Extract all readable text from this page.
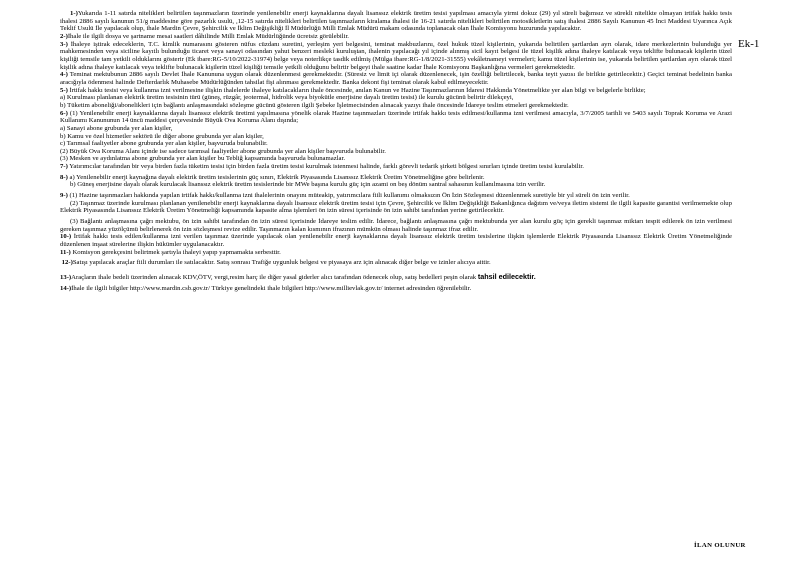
Ek-1

1-)Yukarıda 1-11 satırda nitelikleri belirtilen taşınmazların üzerinde yenilenebilir enerji kaynaklarına dayalı lisanssız elektrik üretim tesisi yapılması amacıyla yirmi dokuz (29) yıl süreli bağımsız ve sürekli nitelikte olmayan irtifak hakkı tesis ihalesi 2886 sayılı kanunun 51/g maddesine göre pazarlık usulü, ,12-15 satırda nitelikleri belirtilen taşınmazların kiralama ihalesi ile 16-21 satırda nitelikleri belirtilen motosikletlerin satış ihalesi 2886 Sayılı Kanunun 45 İnci Maddesi Uyarınca Açık Teklif Usulü İle yapılacak olup, ihale Mardin Çevre, Şehircilik ve İklim Değişikliği İl Müdürlüğü Milli Emlak Müdürü makam odasında toplanacak olan İhale Komisyonu huzurunda yapılacaktır.

2-)İhale ile ilgili dosya ve şartname mesai saatleri dâhilinde Milli Emlak Müdürlüğünde ücretsiz görülebilir.

3-) İhaleye iştirak edeceklerin, T.C. kimlik numarasını gösteren nüfus cüzdanı suretini, yerleşim yeri belgesini, teminat makbuzlarını, özel hukuk tüzel kişilerinin, yukarıda belirtilen şartlardan ayrı olarak, idare merkezlerinin bulunduğu yer mahkemesinden veya siciline kayıtlı bulunduğu ticaret veya sanayi odasından yahut benzeri mesleki kuruluştan, ihalenin yapılacağı yıl içinde alınmış sicil kayıt belgesi ile tüzel kişilik adına ihaleye katılacak veya teklifte bulunacak kişilerin tüzel kişiliği temsile tam yetkili olduklarını gösterir (Ek ibare:RG-5/10/2022-31974) belge veya noterlikçe tasdik edilmiş (Mülga ibare:RG-1/8/2021-31555) vekâletnameyi vermeleri; kamu tüzel kişilerinin ise, yukarıda belirtilen şartlardan ayrı olarak tüzel kişilik adına ihaleye katılacak veya teklifte bulunacak kişilerin tüzel kişiliği temsile yetkili olduğunu belirtir belgeyi ihale saatine kadar İhale Komisyonu Başkanlığına vermeleri gerekmektedir.

4-) Teminat mektubunun 2886 sayılı Devlet İhale Kanununa uygun olarak düzenlenmesi gerekmektedir. (Süresiz ve limit içi olarak düzenlenecek, işin özelliği belirtilecek, banka teyit yazısı ile birlikte getirilecektir.) Geçici teminat bedelinin banka aracığıyla ödenmesi halinde Defterdarlık Muhasebe Müdürlüğünden tahsilat fişi alınması gerekmektedir. Banka dekont fişi teminat olarak kabul edilmeyecektir.

5-) İrtifak hakkı tesisi veya kullanma izni verilmesine ilişkin ihalelerde ihaleye katılacakların ihale öncesinde, anılan Kanun ve Hazine Taşınmazlarının İdaresi Hakkında Yönetmelikte yer alan bilgi ve belgelerle birlikte;

a) Kurulması planlanan elektrik üretim tesisinin türü (güneş, rüzgâr, jeotermal, hidrolik veya biyokütle enerjisine dayalı üretim tesisi) ile kurulu gücünü belirtir dilekçeyi,

b) Tüketim aboneliği/abonelikleri için bağlantı anlaşmasındaki sözleşme gücünü gösteren ilgili Şebeke İşletmecisinden alınacak yazıyı ihale öncesinde İdareye teslim etmeleri gerekmektedir.

6-) (1) Yenilenebilir enerji kaynaklarına dayalı lisanssız elektrik üretimi yapılmasına yönelik olarak Hazine taşınmazları üzerinde irtifak hakkı tesis edilmesi/kullanma izni verilmesi amacıyla, 3/7/2005 tarihli ve 5403 sayılı Toprak Koruma ve Arazi Kullanımı Kanununun 14 üncü maddesi çerçevesinde Büyük Ova Koruma Alanı dışında;

a) Sanayi abone grubunda yer alan kişiler,

b) Kamu ve özel hizmetler sektörü ile diğer abone grubunda yer alan kişiler,

c) Tarımsal faaliyetler abone grubunda yer alan kişiler, başvuruda bulunabilir.

(2) Büyük Ova Koruma Alanı içinde ise sadece tarımsal faaliyetler abone grubunda yer alan kişiler başvuruda bulunabilir.

(3) Mesken ve aydınlatma abone grubunda yer alan kişiler bu Tebliğ kapsamında başvuruda bulunamazlar.

7-) Yatırımcılar tarafından bir veya birden fazla tüketim tesisi için birden fazla üretim tesisi kurulmak istenmesi halinde, farklı görevli tedarik şirketi bölgesi sınırları içinde üretim tesisi kurulabilir.

8-) a) Yenilenebilir enerji kaynağına dayalı elektrik üretim tesislerinin güç sınırı, Elektrik Piyasasında Lisanssız Elektrik Üretim Yönetmeliğine göre belirlenir.

b) Güneş enerjisine dayalı olarak kurulacak lisanssız elektrik üretim tesislerinde bir MWe başına kurulu güç için azami on beş dönüm santral sahasının kullanılmasına izin verilir.

9-) (1) Hazine taşınmazları hakkında yapılan irtifak hakkı/kullanma izni ihalelerinin onayını müteakip, yatırımcılara fiili kullanımı olmaksızın Ön İzin Sözleşmesi düzenlenmek suretiyle bir yıl süreli ön izin verilir.

(2) Taşınmaz üzerinde kurulması planlanan yenilenebilir enerji kaynaklarına dayalı lisanssız elektrik üretim tesisi için Çevre, Şehircilik ve İklim Değişikliği Bakanlığınca dağıtım ve/veya iletim sistemi ile ilgili kapasite garantisi verilmemekte olup Elektrik Piyasasında Lisanssız Elektrik Üretim Yönetmeliği kapsamında kapasite alma işlemleri ön izin süresi içerisinde ön izin sahibi tarafından yerine getirilecektir.

(3) Bağlantı anlaşmasına çağrı mektubu, ön izin sahibi tarafından ön izin süresi içerisinde İdareye teslim edilir. İdarece, bağlantı anlaşmasına çağrı mektubunda yer alan kurulu güç için gerekli taşınmaz miktarı tespit edilerek ön izin verilmesi gereken taşınmaz yüzölçümü belirlenerek ön izin sözleşmesi revize edilir. Taşınmazın kalan kısmının ifrazının mümkün olması halinde taşınmaz ifraz edilir.

10-) İrtifak hakkı tesis edilen/kullanma izni verilen taşınmaz üzerinde yapılacak olan yenilenebilir enerji kaynaklarına dayalı lisanssız elektrik üretim tesislerine ilişkin işlemlerde Elektrik Piyasasında Lisanssız Elektrik Üretim Yönetmeliğinde düzenlenen inşaat sürelerine ilişkin hükümler uygulanacaktır.

11-) Komisyon gerekçesini belirtmek şartıyla ihaleyi yapıp yapmamakta serbesttir.

12-)Satışı yapılacak araçlar fiili durumları ile satılacaktır. Satış sonrası Trafiğe uygunluk belgesi ve piyasaya arz için alınacak diğer belge ve izinler alıcıya aittir.

13-)Araçların ihale bedeli üzerinden alınacak KDV,ÖTV, vergi,resim harç ile diğer yasal giderler alıcı tarafından ödenecek olup, satış bedelleri peşin olarak tahsil edilecektir.

14-)İhale ile ilgili bilgiler http://www.mardin.csb.gov.tr/ Türkiye genelindeki ihale bilgileri http://www.millievlak.gov.tr/ internet adresinden öğrenilebilir.

İLAN OLUNUR
